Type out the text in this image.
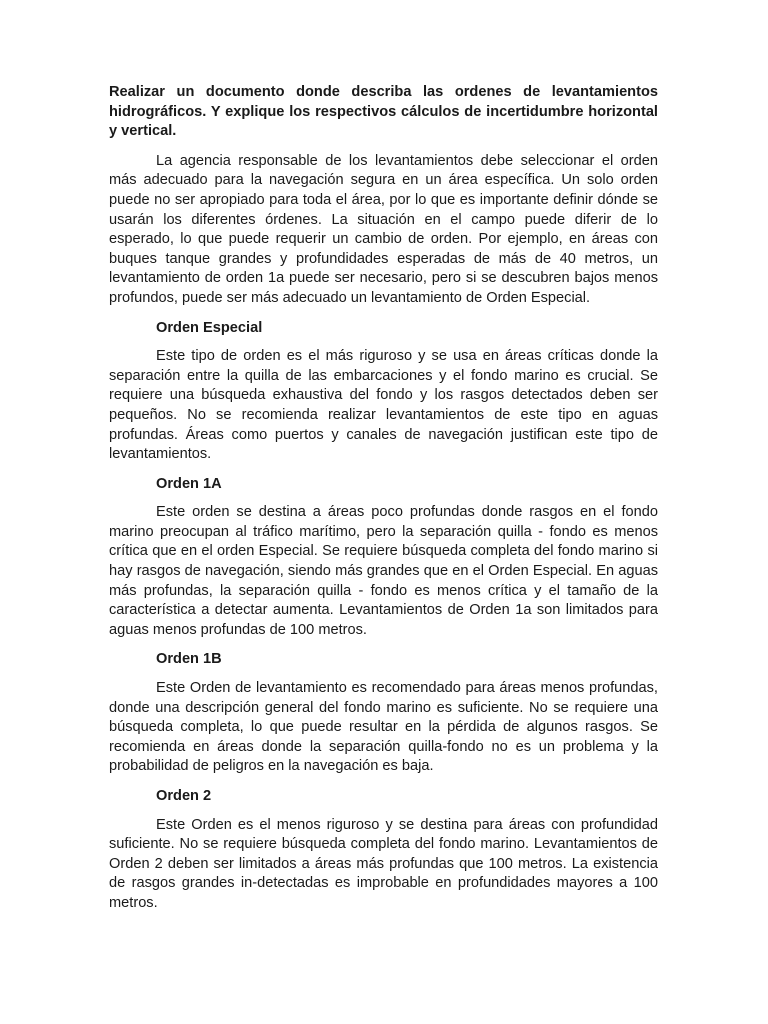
Realizar un documento donde describa las ordenes de levantamientos hidrográficos. Y explique los respectivos cálculos de incertidumbre horizontal y vertical.

La agencia responsable de los levantamientos debe seleccionar el orden más adecuado para la navegación segura en un área específica. Un solo orden puede no ser apropiado para toda el área, por lo que es importante definir dónde se usarán los diferentes órdenes. La situación en el campo puede diferir de lo esperado, lo que puede requerir un cambio de orden. Por ejemplo, en áreas con buques tanque grandes y profundidades esperadas de más de 40 metros, un levantamiento de orden 1a puede ser necesario, pero si se descubren bajos menos profundos, puede ser más adecuado un levantamiento de Orden Especial.

Orden Especial

Este tipo de orden es el más riguroso y se usa en áreas críticas donde la separación entre la quilla de las embarcaciones y el fondo marino es crucial. Se requiere una búsqueda exhaustiva del fondo y los rasgos detectados deben ser pequeños. No se recomienda realizar levantamientos de este tipo en aguas profundas. Áreas como puertos y canales de navegación justifican este tipo de levantamientos.

Orden 1A

Este orden se destina a áreas poco profundas donde rasgos en el fondo marino preocupan al tráfico marítimo, pero la separación quilla - fondo es menos crítica que en el orden Especial. Se requiere búsqueda completa del fondo marino si hay rasgos de navegación, siendo más grandes que en el Orden Especial. En aguas más profundas, la separación quilla - fondo es menos crítica y el tamaño de la característica a detectar aumenta. Levantamientos de Orden 1a son limitados para aguas menos profundas de 100 metros.

Orden 1B

Este Orden de levantamiento es recomendado para áreas menos profundas, donde una descripción general del fondo marino es suficiente. No se requiere una búsqueda completa, lo que puede resultar en la pérdida de algunos rasgos. Se recomienda en áreas donde la separación quilla-fondo no es un problema y la probabilidad de peligros en la navegación es baja.

Orden 2

Este Orden es el menos riguroso y se destina para áreas con profundidad suficiente. No se requiere búsqueda completa del fondo marino. Levantamientos de Orden 2 deben ser limitados a áreas más profundas que 100 metros. La existencia de rasgos grandes in-detectadas es improbable en profundidades mayores a 100 metros.
